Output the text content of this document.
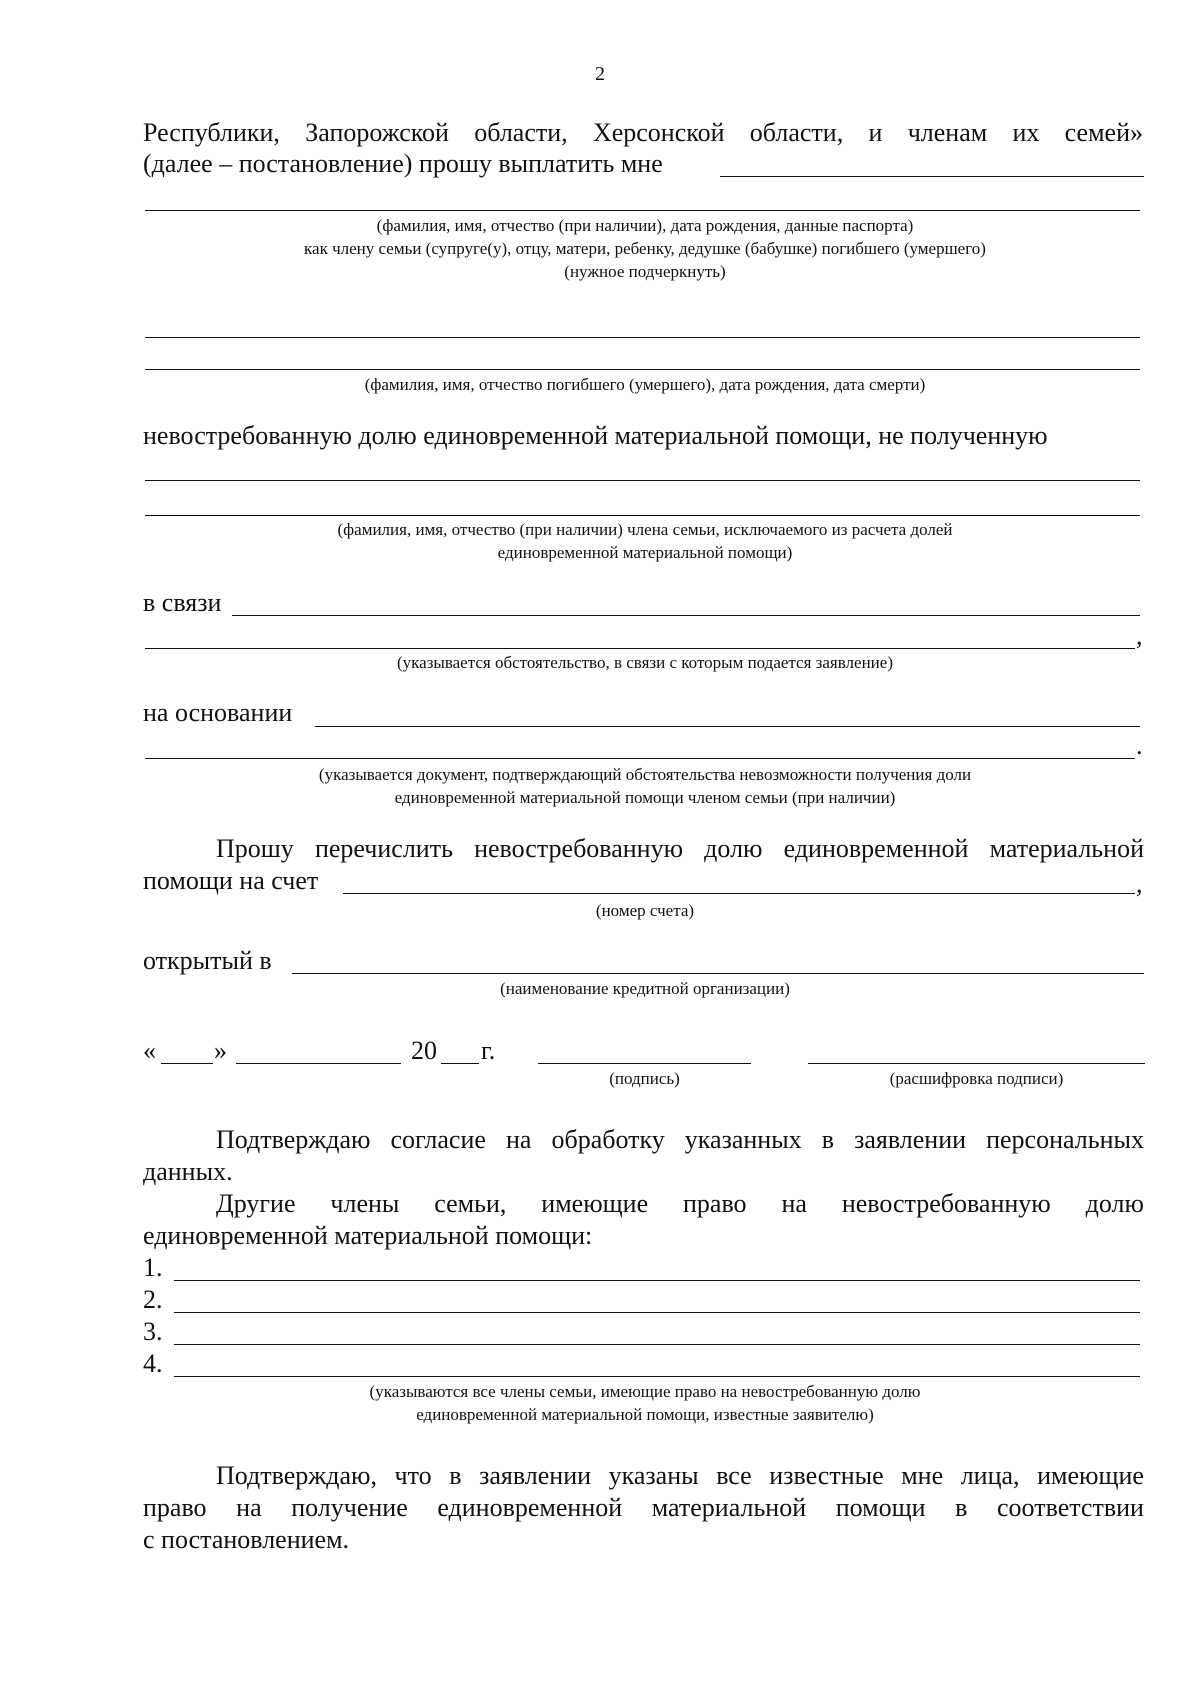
2
Республики, Запорожской области, Херсонской области, и членам их семей»
(далее – постановление) прошу выплатить мне
(фамилия, имя, отчество (при наличии), дата рождения, данные паспорта)
как члену семьи (супруге(у), отцу, матери, ребенку, дедушке (бабушке) погибшего (умершего)
(нужное подчеркнуть)
(фамилия, имя, отчество погибшего (умершего), дата рождения, дата смерти)
невостребованную долю единовременной материальной помощи, не полученную
(фамилия, имя, отчество (при наличии) члена семьи, исключаемого из расчета долей
единовременной материальной помощи)
в связи
,
(указывается обстоятельство, в связи с которым подается заявление)
на основании
.
(указывается документ, подтверждающий обстоятельства невозможности получения доли
единовременной материальной помощи членом семьи (при наличии)
Прошу перечислить невостребованную долю единовременной материальной
помощи на счет	,
(номер счета)
открытый в
(наименование кредитной организации)
« »	20 г.
(подпись)	(расшифровка подписи)
Подтверждаю согласие на обработку указанных в заявлении персональных
данных.
Другие члены семьи, имеющие право на невостребованную долю
единовременной материальной помощи:
1.
2.
3.
4.
(указываются все члены семьи, имеющие право на невостребованную долю
единовременной материальной помощи, известные заявителю)
Подтверждаю, что в заявлении указаны все известные мне лица, имеющие
право на получение единовременной материальной помощи в соответствии
с постановлением.
